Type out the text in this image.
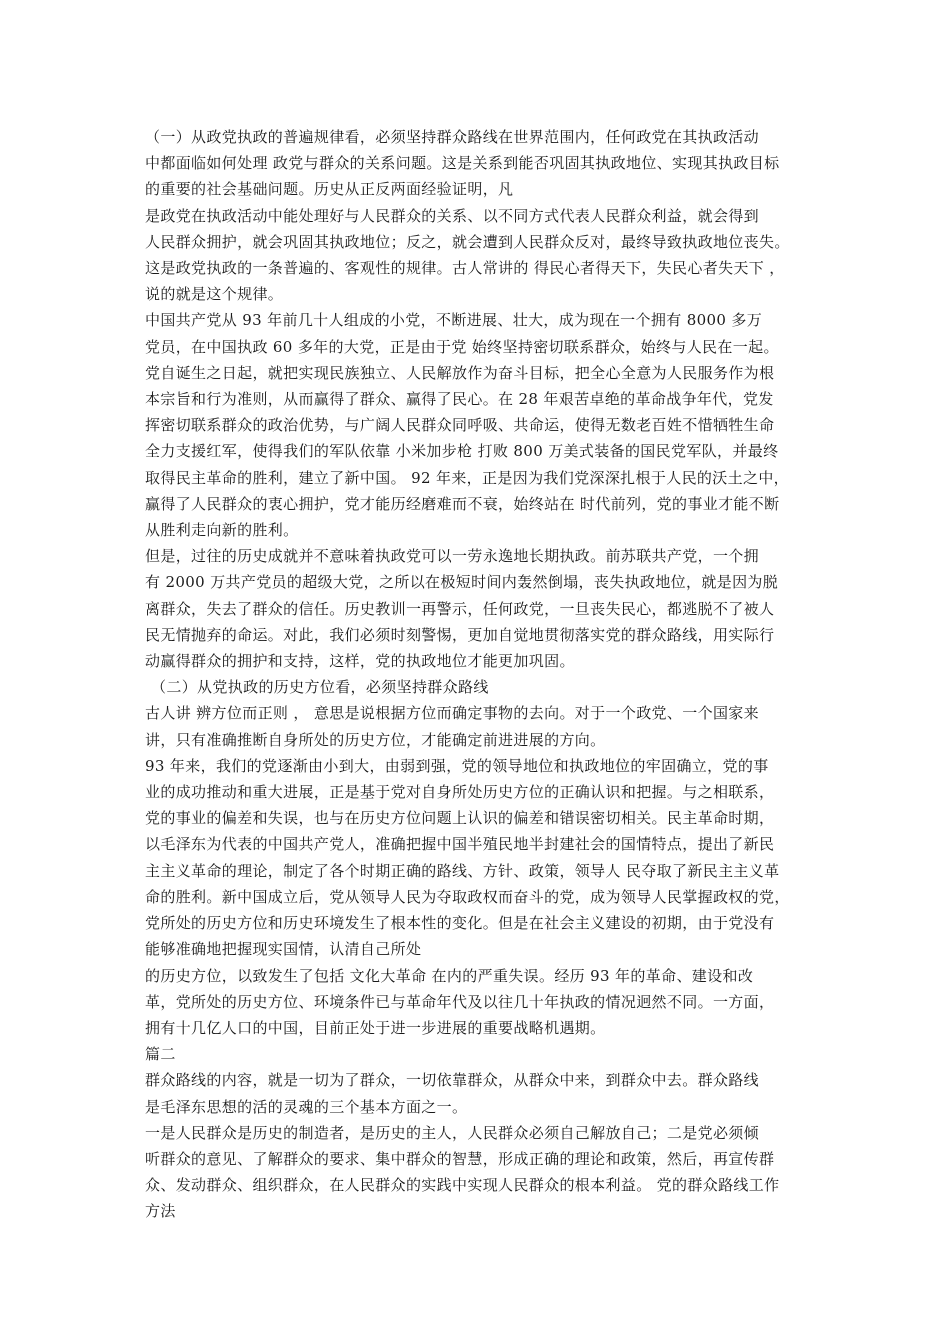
（一）从政党执政的普遍规律看，必须坚持群众路线在世界范围内，任何政党在其执政活动
中都面临如何处理 政党与群众的关系问题。这是关系到能否巩固其执政地位、实现其执政目标
的重要的社会基础问题。历史从正反两面经验证明，凡

是政党在执政活动中能处理好与人民群众的关系、以不同方式代表人民群众利益，就会得到
人民群众拥护，就会巩固其执政地位；反之，就会遭到人民群众反对，最终导致执政地位丧失。
这是政党执政的一条普遍的、客观性的规律。古人常讲的 得民心者得天下，失民心者失天下 ，
说的就是这个规律。

中国共产党从 93 年前几十人组成的小党，不断进展、壮大，成为现在一个拥有 8000 多万
党员，在中国执政 60 多年的大党，正是由于党 始终坚持密切联系群众，始终与人民在一起。
党自诞生之日起，就把实现民族独立、人民解放作为奋斗目标，把全心全意为人民服务作为根
本宗旨和行为准则，从而赢得了群众、赢得了民心。在 28 年艰苦卓绝的革命战争年代，党发
挥密切联系群众的政治优势，与广阔人民群众同呼吸、共命运，使得无数老百姓不惜牺牲生命
全力支援红军，使得我们的军队依靠 小米加步枪 打败 800 万美式装备的国民党军队，并最终
取得民主革命的胜利，建立了新中国。 92 年来，正是因为我们党深深扎根于人民的沃土之中，
赢得了人民群众的衷心拥护，党才能历经磨难而不衰，始终站在 时代前列，党的事业才能不断
从胜利走向新的胜利。

但是，过往的历史成就并不意味着执政党可以一劳永逸地长期执政。前苏联共产党，一个拥
有 2000 万共产党员的超级大党，之所以在极短时间内轰然倒塌，丧失执政地位，就是因为脱
离群众，失去了群众的信任。历史教训一再警示，任何政党，一旦丧失民心，都逃脱不了被人
民无情抛弃的命运。对此，我们必须时刻警惕，更加自觉地贯彻落实党的群众路线，用实际行
动赢得群众的拥护和支持，这样，党的执政地位才能更加巩固。

（二）从党执政的历史方位看，必须坚持群众路线

古人讲 辨方位而正则 ， 意思是说根据方位而确定事物的去向。对于一个政党、一个国家来
讲，只有准确推断自身所处的历史方位，才能确定前进进展的方向。

93 年来，我们的党逐渐由小到大，由弱到强，党的领导地位和执政地位的牢固确立，党的事
业的成功推动和重大进展，正是基于党对自身所处历史方位的正确认识和把握。与之相联系，
党的事业的偏差和失误，也与在历史方位问题上认识的偏差和错误密切相关。民主革命时期，
以毛泽东为代表的中国共产党人，准确把握中国半殖民地半封建社会的国情特点，提出了新民
主主义革命的理论，制定了各个时期正确的路线、方针、政策，领导人 民夺取了新民主主义革
命的胜利。新中国成立后，党从领导人民为夺取政权而奋斗的党，成为领导人民掌握政权的党，
党所处的历史方位和历史环境发生了根本性的变化。但是在社会主义建设的初期，由于党没有
能够准确地把握现实国情，认清自己所处

的历史方位，以致发生了包括 文化大革命 在内的严重失误。经历 93 年的革命、建设和改
革，党所处的历史方位、环境条件已与革命年代及以往几十年执政的情况迥然不同。一方面，
拥有十几亿人口的中国，目前正处于进一步进展的重要战略机遇期。

篇二

群众路线的内容，就是一切为了群众，一切依靠群众，从群众中来，到群众中去。群众路线
是毛泽东思想的活的灵魂的三个基本方面之一。

一是人民群众是历史的制造者，是历史的主人，人民群众必须自己解放自己；二是党必须倾
听群众的意见、了解群众的要求、集中群众的智慧，形成正确的理论和政策，然后，再宣传群
众、发动群众、组织群众，在人民群众的实践中实现人民群众的根本利益。 党的群众路线工作
方法
